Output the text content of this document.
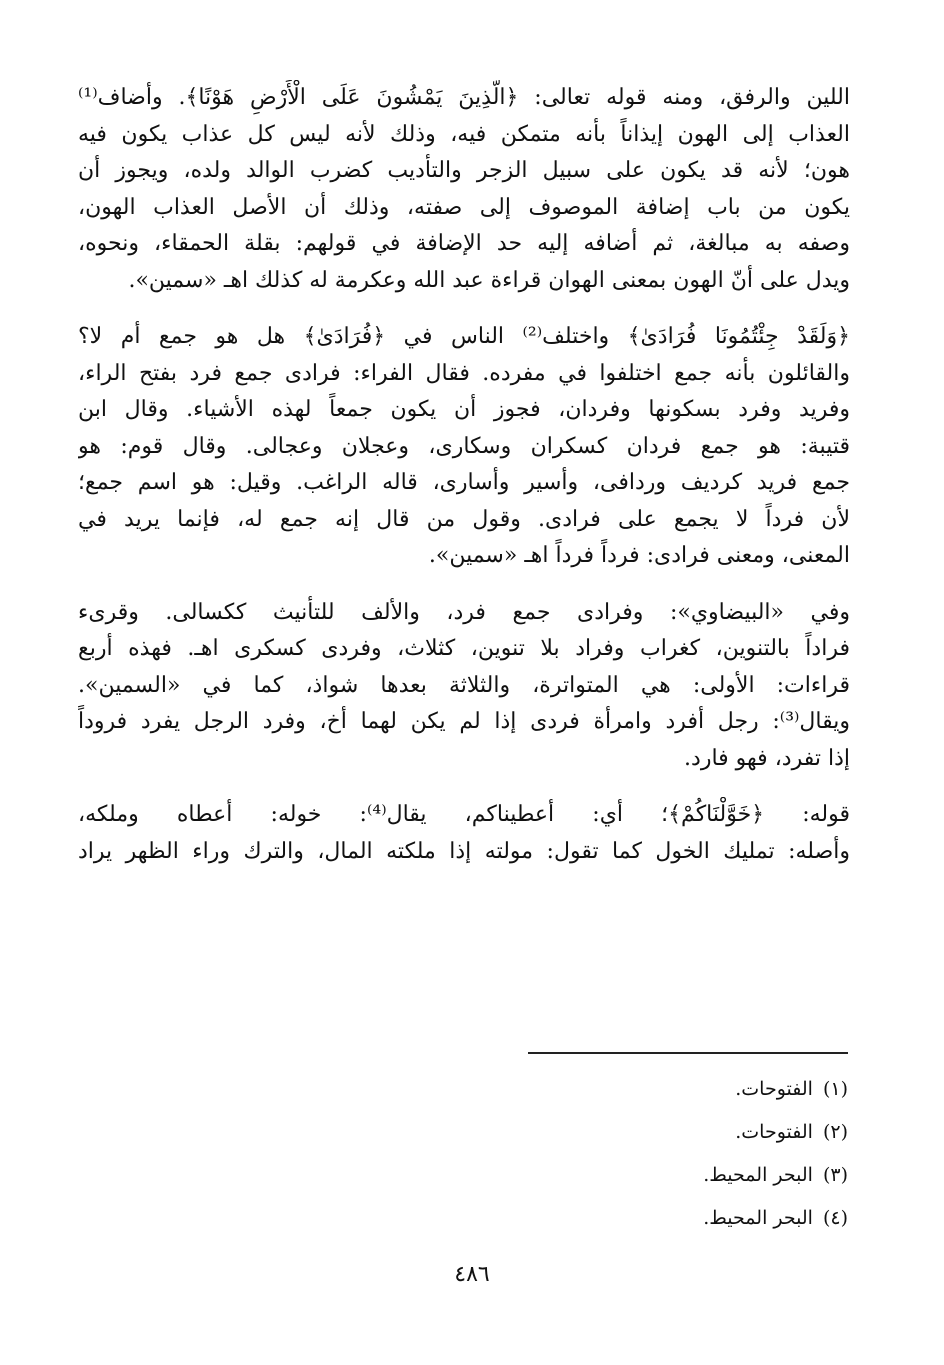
اللين والرفق، ومنه قوله تعالى: ﴿الَّذِينَ يَمْشُونَ عَلَى الْأَرْضِ هَوْنًا﴾. وأضاف⁽¹⁾
العذاب إلى الهون إيذاناً بأنه متمكن فيه، وذلك لأنه ليس كل عذاب يكون فيه
هون؛ لأنه قد يكون على سبيل الزجر والتأديب كضرب الوالد ولده، ويجوز أن
يكون من باب إضافة الموصوف إلى صفته، وذلك أن الأصل العذاب الهون،
وصفه به مبالغة، ثم أضافه إليه حد الإضافة في قولهم: بقلة الحمقاء، ونحوه،
ويدل على أنّ الهون بمعنى الهوان قراءة عبد الله وعكرمة له كذلك اهـ «سمين».

﴿وَلَقَدْ جِئْتُمُونَا فُرَادَىٰ﴾ واختلف⁽²⁾ الناس في ﴿فُرَادَىٰ﴾ هل هو جمع أم لا؟
والقائلون بأنه جمع اختلفوا في مفرده. فقال الفراء: فرادى جمع فرد بفتح الراء،
وفريد وفرد بسكونها وفردان، فجوز أن يكون جمعاً لهذه الأشياء. وقال ابن
قتيبة: هو جمع فردان كسكران وسكارى، وعجلان وعجالى. وقال قوم: هو
جمع فريد كرديف وردافى، وأسير وأسارى، قاله الراغب. وقيل: هو اسم جمع؛
لأن فرداً لا يجمع على فرادى. وقول من قال إنه جمع له، فإنما يريد في
المعنى، ومعنى فرادى: فرداً فرداً اهـ «سمين».

وفي «البيضاوي»: وفرادى جمع فرد، والألف للتأنيث ككسالى. وقرىء
فراداً بالتنوين، كغراب وفراد بلا تنوين، كثلاث، وفردى كسكرى اهـ. فهذه أربع
قراءات: الأولى: هي المتواترة، والثلاثة بعدها شواذ، كما في «السمين».
ويقال⁽³⁾: رجل أفرد وامرأة فردى إذا لم يكن لهما أخ، وفرد الرجل يفرد فروداً
إذا تفرد، فهو فارد.

قوله: ﴿خَوَّلْنَاكُمْ﴾؛ أي: أعطيناكم، يقال⁽⁴⁾: خوله: أعطاه وملكه،
وأصله: تمليك الخول كما تقول: مولته إذا ملكته المال، والترك وراء الظهر يراد

(١)الفتوحات.
(٢)الفتوحات.
(٣)البحر المحيط.
(٤)البحر المحيط.
٤٨٦
